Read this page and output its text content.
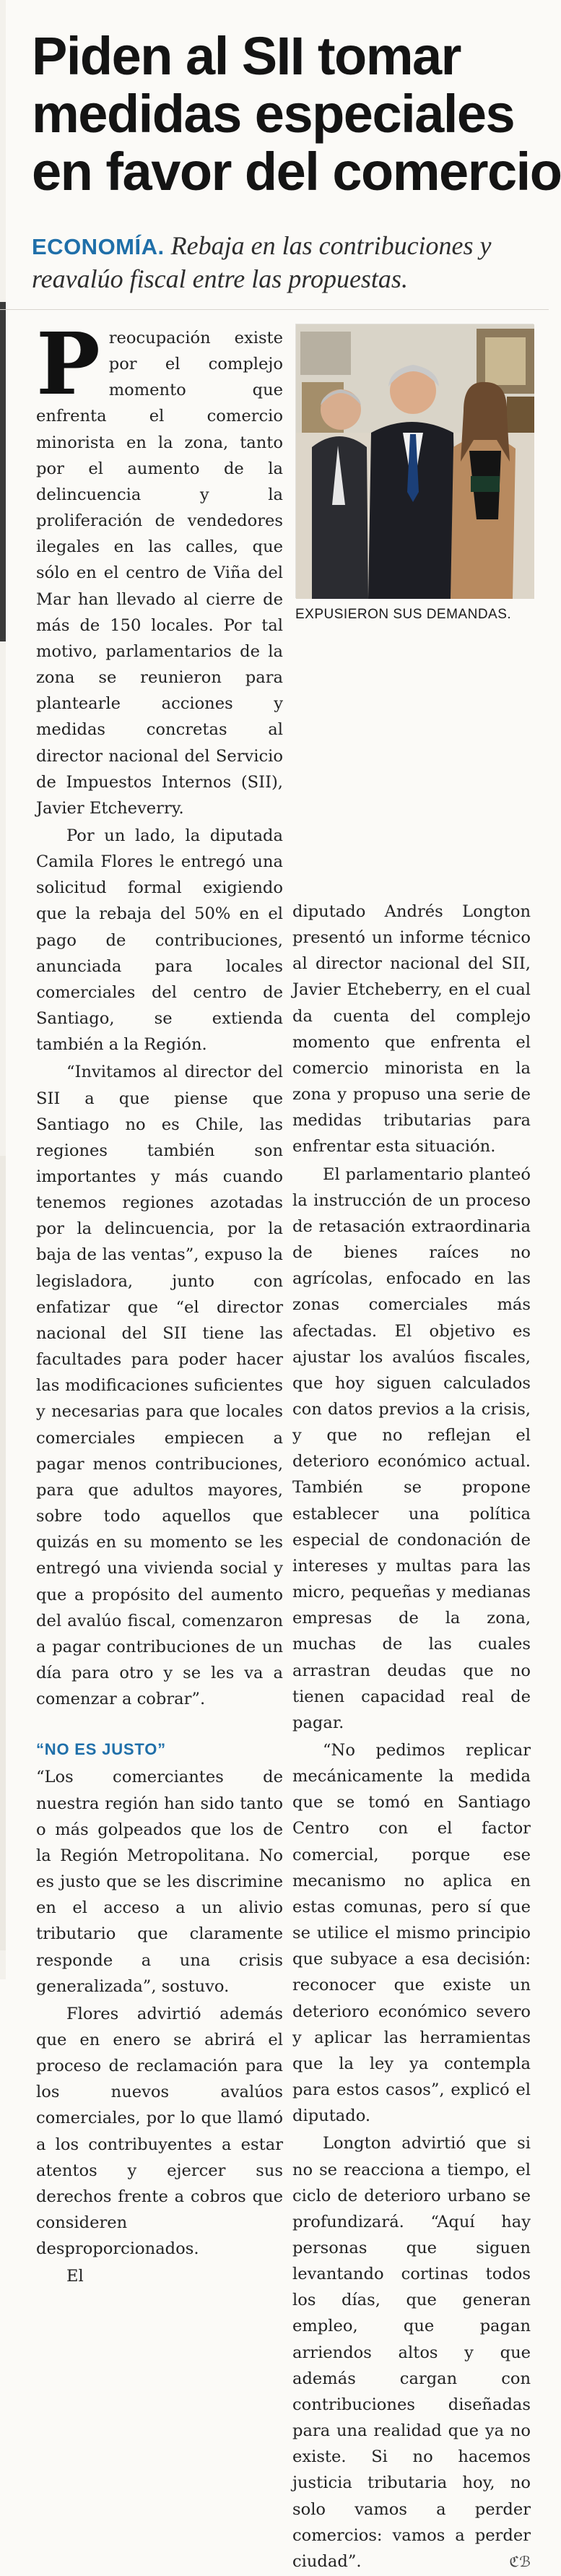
Piden al SII tomar
medidas especiales
en favor del comercio
ECONOMÍA. Rebaja en las contribuciones y reavalúo fiscal entre las propuestas.

Preocupación existe por el complejo momento que enfrenta el comercio minorista en la zona, tanto por el aumento de la delincuencia y la proliferación de vendedores ilegales en las calles, que sólo en el centro de Viña del Mar han llevado al cierre de más de 150 locales. Por tal motivo, parlamentarios de la zona se reunieron para plantearle acciones y medidas concretas al director nacional del Servicio de Impuestos Internos (SII), Javier Etcheverry.

Por un lado, la diputada Camila Flores le entregó una solicitud formal exigiendo que la rebaja del 50% en el pago de contribuciones, anunciada para locales comerciales del centro de Santiago, se extienda también a la Región.

“Invitamos al director del SII a que piense que Santiago no es Chile, las regiones también son importantes y más cuando tenemos regiones azotadas por la delincuencia, por la baja de las ventas”, expuso la legisladora, junto con enfatizar que “el director nacional del SII tiene las facultades para poder hacer las modificaciones suficientes y necesarias para que locales comerciales empiecen a pagar menos contribuciones, para que adultos mayores, sobre todo aquellos que quizás en su momento se les entregó una vivienda social y que a propósito del aumento del avalúo fiscal, comenzaron a pagar contribuciones de un día para otro y se les va a comenzar a cobrar”.

“NO ES JUSTO”

“Los comerciantes de nuestra región han sido tanto o más golpeados que los de la Región Metropolitana. No es justo que se les discrimine en el acceso a un alivio tributario que claramente responde a una crisis generalizada”, sostuvo.

Flores advirtió además que en enero se abrirá el proceso de reclamación para los nuevos avalúos comerciales, por lo que llamó a los contribuyentes a estar atentos y ejercer sus derechos frente a cobros que consideren desproporcionados.

El

EXPUSIERON SUS DEMANDAS.

diputado Andrés Longton presentó un informe técnico al director nacional del SII, Javier Etcheberry, en el cual da cuenta del complejo momento que enfrenta el comercio minorista en la zona y propuso una serie de medidas tributarias para enfrentar esta situación.

El parlamentario planteó la instrucción de un proceso de retasación extraordinaria de bienes raíces no agrícolas, enfocado en las zonas comerciales más afectadas. El objetivo es ajustar los avalúos fiscales, que hoy siguen calculados con datos previos a la crisis, y que no reflejan el deterioro económico actual. También se propone establecer una política especial de condonación de intereses y multas para las micro, pequeñas y medianas empresas de la zona, muchas de las cuales arrastran deudas que no tienen capacidad real de pagar.

“No pedimos replicar mecánicamente la medida que se tomó en Santiago Centro con el factor comercial, porque ese mecanismo no aplica en estas comunas, pero sí que se utilice el mismo principio que subyace a esa decisión: reconocer que existe un deterioro económico severo y aplicar las herramientas que la ley ya contempla para estos casos”, explicó el diputado.

Longton advirtió que si no se reacciona a tiempo, el ciclo de deterioro urbano se profundizará. “Aquí hay personas que siguen levantando cortinas todos los días, que generan empleo, que pagan arriendos altos y que además cargan con contribuciones diseñadas para una realidad que ya no existe. Si no hacemos justicia tributaria hoy, no solo vamos a perder comercios: vamos a perder ciudad”.	ℭℬ
